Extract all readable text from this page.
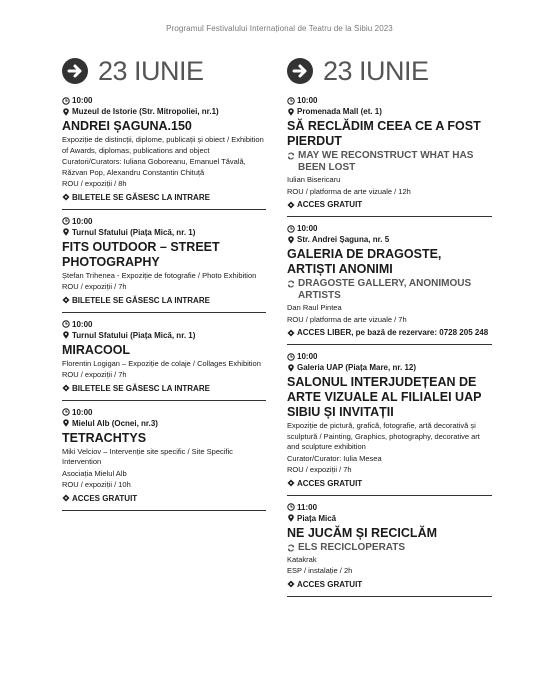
Programul Festivalului Internațional de Teatru de la Sibiu 2023
23 IUNIE
10:00
Muzeul de Istorie (Str. Mitropoliei, nr.1)
ANDREI ȘAGUNA.150
Expoziție de distincții, diplome, publicații și obiect / Exhibition of Awards, diplomas, publications and object
Curatori/Curators: Iuliana Goboreanu, Emanuel Tăvală, Răzvan Pop, Alexandru Constantin Chituță
ROU / expoziții / 8h
BILETELE SE GĂSESC LA INTRARE
10:00
Turnul Sfatului (Piața Mică, nr. 1)
FITS OUTDOOR – STREET PHOTOGRAPHY
Ștefan Trihenea - Expoziție de fotografie / Photo Exhibition
ROU / expoziții / 7h
BILETELE SE GĂSESC LA INTRARE
10:00
Turnul Sfatului (Piața Mică, nr. 1)
MIRACOOL
Florentin Logigan – Expoziție de colaje / Collages Exhibition
ROU / expoziții / 7h
BILETELE SE GĂSESC LA INTRARE
10:00
Mielul Alb (Ocnei, nr.3)
TETRACHTYS
Miki Velciov – Intervenție site specific / Site Specific Intervention
Asociația Mielul Alb
ROU / expoziții / 10h
ACCES GRATUIT
23 IUNIE
10:00
Promenada Mall (et. 1)
SĂ RECLĂDIM CEEA CE A FOST PIERDUT
MAY WE RECONSTRUCT WHAT HAS BEEN LOST
Iulian Bisericaru
ROU / platforma de arte vizuale / 12h
ACCES GRATUIT
10:00
Str. Andrei Șaguna, nr. 5
GALERIA DE DRAGOSTE, ARTIȘTI ANONIMI
DRAGOSTE GALLERY, ANONIMOUS ARTISTS
Dan Raul Pintea
ROU / platforma de arte vizuale / 7h
ACCES LIBER, pe bază de rezervare: 0728 205 248
10:00
Galeria UAP (Piața Mare, nr. 12)
SALONUL INTERJUDEȚEAN DE ARTE VIZUALE AL FILIALEI UAP SIBIU ȘI INVITAȚII
Expoziție de pictură, grafică, fotografie, artă decorativă și sculptură / Painting, Graphics, photography, decorative art and sculpture exhibition
Curator/Curator: Iulia Mesea
ROU / expoziții / 7h
ACCES GRATUIT
11:00
Piața Mică
NE JUCĂM ȘI RECICLĂM
ELS RECICLOPERATS
Katakrak
ESP / instalație / 2h
ACCES GRATUIT
